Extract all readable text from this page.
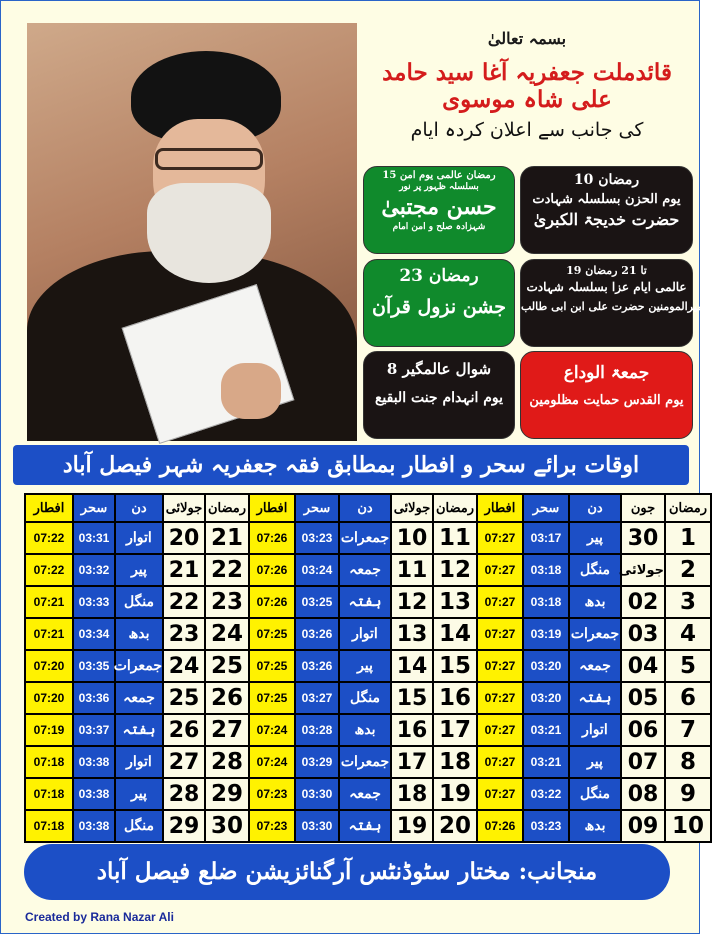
بسمہ تعالیٰ
قائدملت جعفریہ آغا سید حامد علی شاہ موسوی
کی جانب سے اعلان کردہ ایام
10 رمضان
یوم الحزن بسلسلہ شہادت
حضرت خدیجۃ الکبریٰ
19 تا 21 رمضان
عالمی ایام عزا بسلسلہ شہادت
امیرالمومنین حضرت علی ابن ابی طالب
جمعۃ الوداع
یوم القدس حمایت مظلومین
15 رمضان عالمی یوم امن
بسلسلہ ظہور پر نور
حسن مجتبیٰ
شہزادہ صلح و امن امام
23 رمضان
جشن نزول قرآن
8 شوال عالمگیر
یوم انہدام جنت البقیع
اوقات برائے سحر و افطار بمطابق فقہ جعفریہ شہر فیصل آباد
رمضان	جون	دن	سحر	افطار	رمضان	جولائی	دن	سحر	افطار	رمضان	جولائی	دن	سحر	افطار
1	30	پیر	03:17	07:27	11	10	جمعرات	03:23	07:26	21	20	اتوار	03:31	07:22
2	جولائی	منگل	03:18	07:27	12	11	جمعہ	03:24	07:26	22	21	پیر	03:32	07:22
3	02	بدھ	03:18	07:27	13	12	ہفتہ	03:25	07:26	23	22	منگل	03:33	07:21
4	03	جمعرات	03:19	07:27	14	13	اتوار	03:26	07:25	24	23	بدھ	03:34	07:21
5	04	جمعہ	03:20	07:27	15	14	پیر	03:26	07:25	25	24	جمعرات	03:35	07:20
6	05	ہفتہ	03:20	07:27	16	15	منگل	03:27	07:25	26	25	جمعہ	03:36	07:20
7	06	اتوار	03:21	07:27	17	16	بدھ	03:28	07:24	27	26	ہفتہ	03:37	07:19
8	07	پیر	03:21	07:27	18	17	جمعرات	03:29	07:24	28	27	اتوار	03:38	07:18
9	08	منگل	03:22	07:27	19	18	جمعہ	03:30	07:23	29	28	پیر	03:38	07:18
10	09	بدھ	03:23	07:26	20	19	ہفتہ	03:30	07:23	30	29	منگل	03:38	07:18
منجانب: مختار سٹوڈنٹس آرگنائزیشن ضلع فیصل آباد
Created by Rana Nazar Ali
